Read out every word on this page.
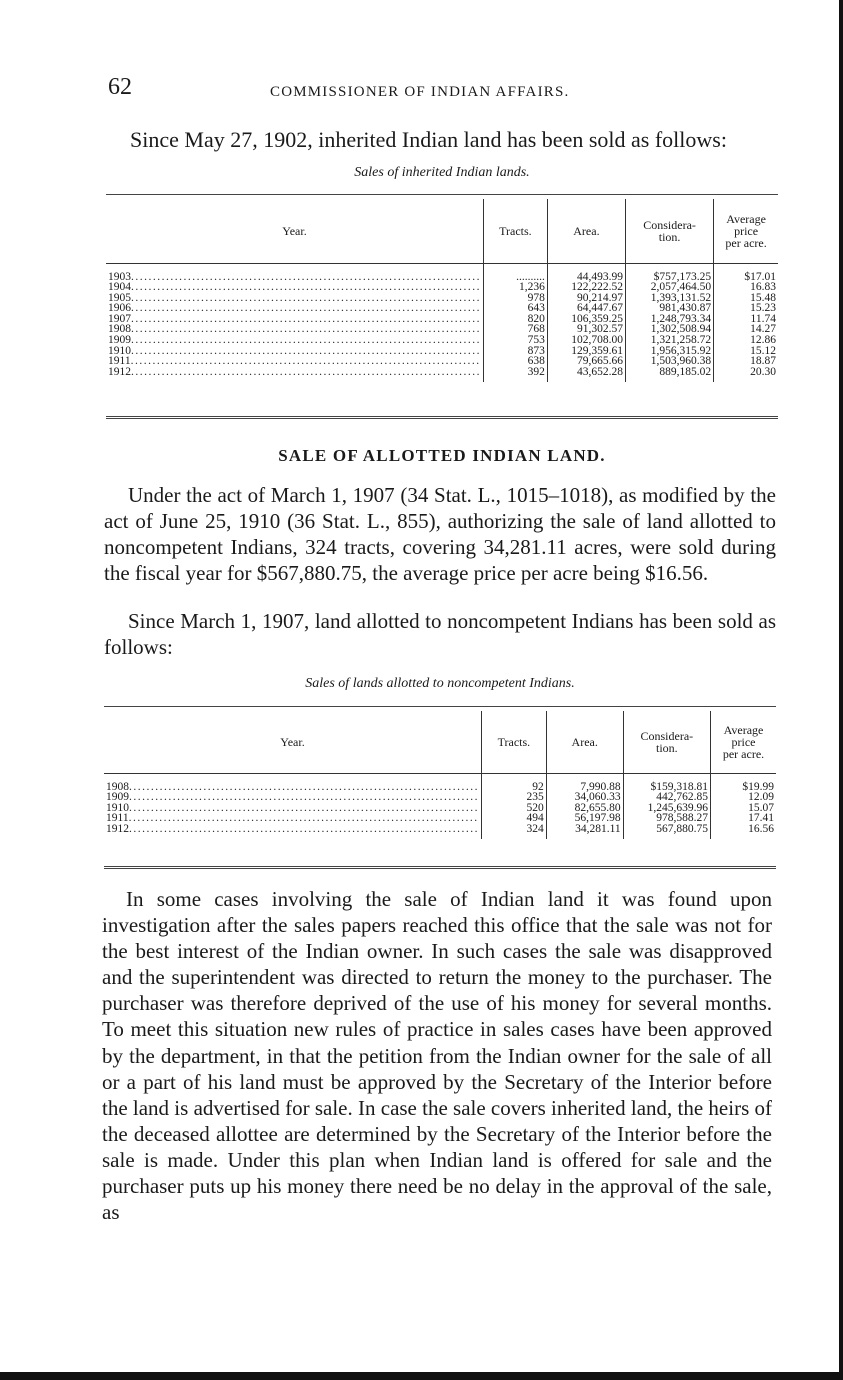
62	COMMISSIONER OF INDIAN AFFAIRS.

Since May 27, 1902, inherited Indian land has been sold as follows:

Sales of inherited Indian lands.
Year.	Tracts.	Area.	Considera-
tion.	Average
price
per acre.
1903................................................................................	..........	44,493.99	$757,173.25	$17.01
1904................................................................................	1,236	122,222.52	2,057,464.50	16.83
1905................................................................................	978	90,214.97	1,393,131.52	15.48
1906................................................................................	643	64,447.67	981,430.87	15.23
1907................................................................................	820	106,359.25	1,248,793.34	11.74
1908................................................................................	768	91,302.57	1,302,508.94	14.27
1909................................................................................	753	102,708.00	1,321,258.72	12.86
1910................................................................................	873	129,359.61	1,956,315.92	15.12
1911................................................................................	638	79,665.66	1,503,960.38	18.87
1912................................................................................	392	43,652.28	889,185.02	20.30
SALE OF ALLOTTED INDIAN LAND.

Under the act of March 1, 1907 (34 Stat. L., 1015–1018), as modified by the act of June 25, 1910 (36 Stat. L., 855), authorizing the sale of land allotted to noncompetent Indians, 324 tracts, covering 34,281.11 acres, were sold during the fiscal year for $567,880.75, the average price per acre being $16.56.

Since March 1, 1907, land allotted to noncompetent Indians has been sold as follows:

Sales of lands allotted to noncompetent Indians.
Year.	Tracts.	Area.	Considera-
tion.	Average
price
per acre.
1908................................................................................	92	7,990.88	$159,318.81	$19.99
1909................................................................................	235	34,060.33	442,762.85	12.09
1910................................................................................	520	82,655.80	1,245,639.96	15.07
1911................................................................................	494	56,197.98	978,588.27	17.41
1912................................................................................	324	34,281.11	567,880.75	16.56

In some cases involving the sale of Indian land it was found upon investigation after the sales papers reached this office that the sale was not for the best interest of the Indian owner. In such cases the sale was disapproved and the superintendent was directed to return the money to the purchaser. The purchaser was therefore deprived of the use of his money for several months. To meet this situation new rules of practice in sales cases have been approved by the department, in that the petition from the Indian owner for the sale of all or a part of his land must be approved by the Secretary of the Interior before the land is advertised for sale. In case the sale covers inherited land, the heirs of the deceased allottee are determined by the Secretary of the Interior before the sale is made. Under this plan when Indian land is offered for sale and the purchaser puts up his money there need be no delay in the approval of the sale, as
